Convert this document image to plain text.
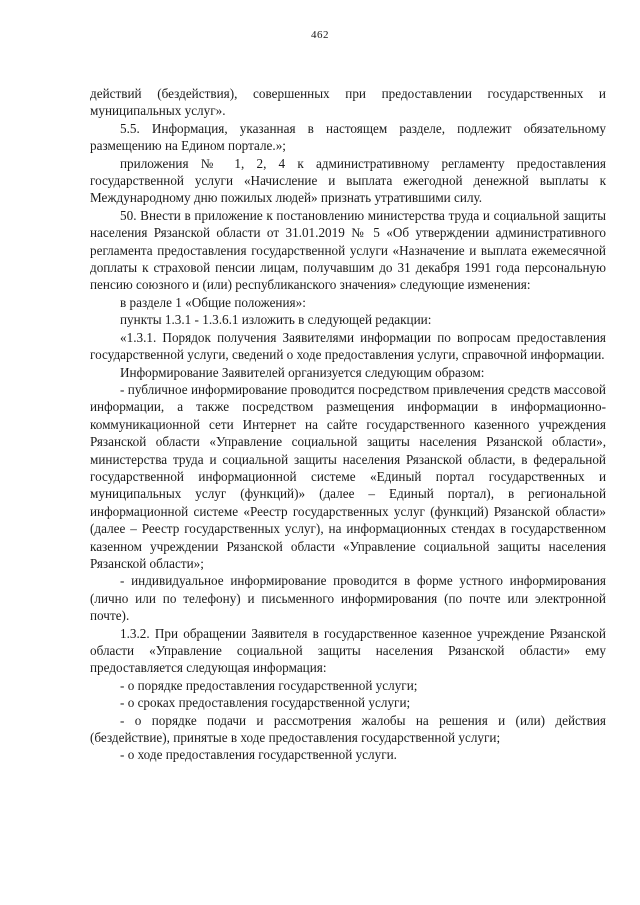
462

действий (бездействия), совершенных при предоставлении государственных и муниципальных услуг».

5.5. Информация, указанная в настоящем разделе, подлежит обязательному размещению на Едином портале.»;

приложения № 1, 2, 4 к административному регламенту предоставления государственной услуги «Начисление и выплата ежегодной денежной выплаты к Международному дню пожилых людей» признать утратившими силу.

50. Внести в приложение к постановлению министерства труда и социальной защиты населения Рязанской области от 31.01.2019 № 5 «Об утверждении административного регламента предоставления государственной услуги «Назначение и выплата ежемесячной доплаты к страховой пенсии лицам, получавшим до 31 декабря 1991 года персональную пенсию союзного и (или) республиканского значения» следующие изменения:

в разделе 1 «Общие положения»:

пункты 1.3.1 - 1.3.6.1 изложить в следующей редакции:

«1.3.1. Порядок получения Заявителями информации по вопросам предоставления государственной услуги, сведений о ходе предоставления услуги, справочной информации.

Информирование Заявителей организуется следующим образом:

- публичное информирование проводится посредством привлечения средств массовой информации, а также посредством размещения информации в информационно-коммуникационной сети Интернет на сайте государственного казенного учреждения Рязанской области «Управление социальной защиты населения Рязанской области», министерства труда и социальной защиты населения Рязанской области, в федеральной государственной информационной системе «Единый портал государственных и муниципальных услуг (функций)» (далее – Единый портал), в региональной информационной системе «Реестр государственных услуг (функций) Рязанской области» (далее – Реестр государственных услуг), на информационных стендах в государственном казенном учреждении Рязанской области «Управление социальной защиты населения Рязанской области»;

- индивидуальное информирование проводится в форме устного информирования (лично или по телефону) и письменного информирования (по почте или электронной почте).

1.3.2. При обращении Заявителя в государственное казенное учреждение Рязанской области «Управление социальной защиты населения Рязанской области» ему предоставляется следующая информация:

- о порядке предоставления государственной услуги;

- о сроках предоставления государственной услуги;

- о порядке подачи и рассмотрения жалобы на решения и (или) действия (бездействие), принятые в ходе предоставления государственной услуги;

- о ходе предоставления государственной услуги.
